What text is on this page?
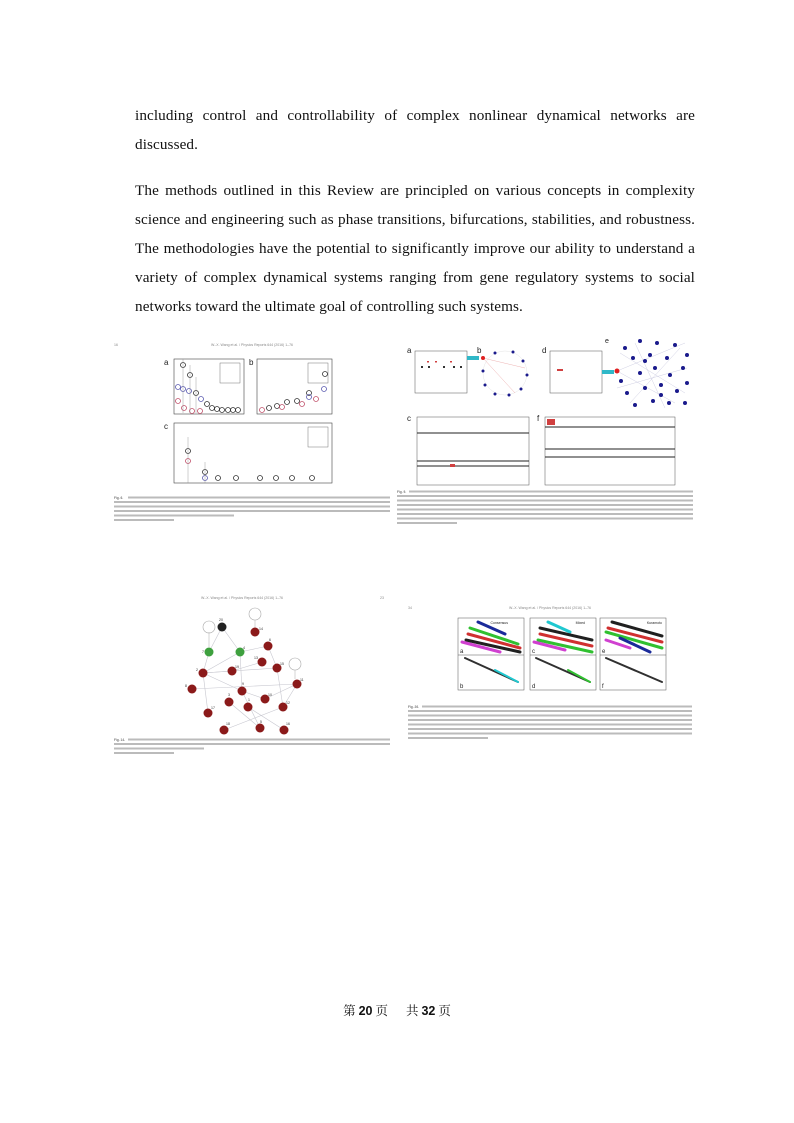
including control and controllability of complex nonlinear dynamical networks are discussed.

The methods outlined in this Review are principled on various concepts in complexity science and engineering such as phase transitions, bifurcations, stabilities, and robustness. The methodologies have the potential to significantly improve our ability to understand a variety of complex dynamical systems ranging from gene regulatory systems to social networks toward the ultimate goal of controlling such systems.

16	W.-X. Wang et al. / Physics Reports 644 (2016) 1–76
a	b
c
Fig. 6.
a	b	d
e
c	f
Fig. 9.
W.-X. Wang et al. / Physics Reports 644 (2016) 1–76	23
20
7
4
14
6
13
15
2
19
11
8	9
10
3
1
12
17
18	5	16
Fig. 14.
34	W.-X. Wang et al. / Physics Reports 644 (2016) 1–76
Consensus
a
b
Mixed
c
d
Kuramoto
e
f
Fig. 26.
第 20 页 共 32 页
